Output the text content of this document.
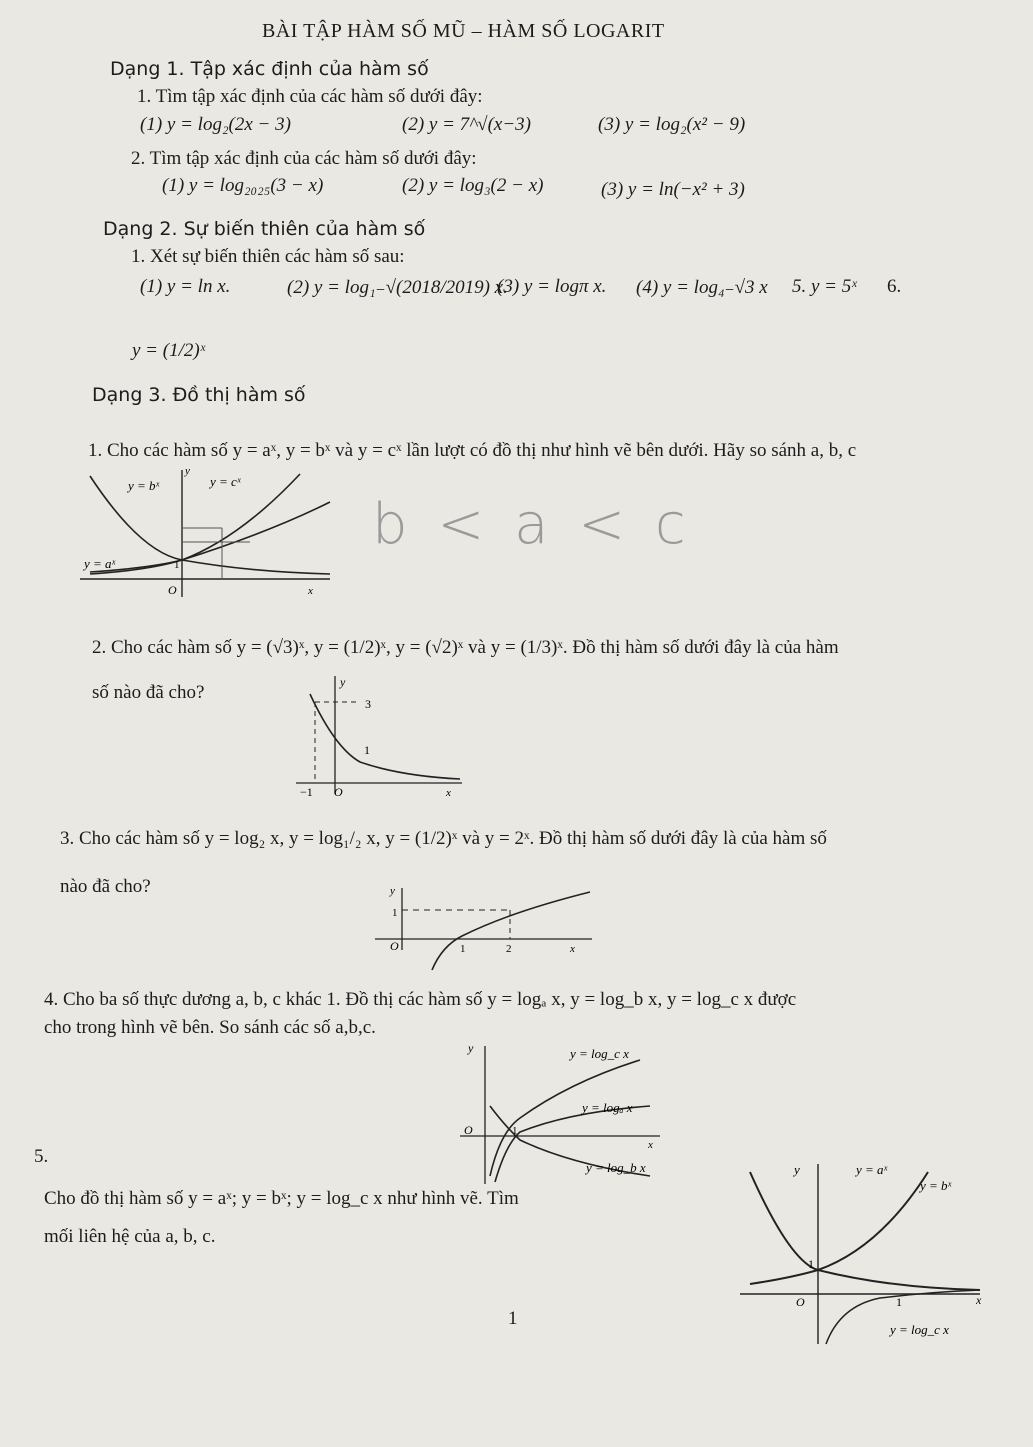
BÀI TẬP HÀM SỐ MŨ – HÀM SỐ LOGARIT
Dạng 1. Tập xác định của hàm số
1. Tìm tập xác định của các hàm số dưới đây:
(1) y = log₂(2x − 3)	(2) y = 7^√(x−3)	(3) y = log₂(x² − 9)
2. Tìm tập xác định của các hàm số dưới đây:
(1) y = log₂₀₂₅(3 − x)	(2) y = log₃(2 − x)	(3) y = ln(−x² + 3)
Dạng 2. Sự biến thiên của hàm số
1. Xét sự biến thiên các hàm số sau:
(1) y = ln x.	(2) y = log₁₋√(2018/2019) x.
(3) y = logπ x. (4) y = log₄₋√3 x 5. y = 5ˣ 6.
y = (1/2)ˣ
Dạng 3. Đồ thị hàm số
1. Cho các hàm số y = aˣ, y = bˣ và y = cˣ lần lượt có đồ thị như hình vẽ bên dưới. Hãy so sánh a, b, c
y = bˣ	y = cˣ
y = aˣ
y
1
O	x
b < a < c
2. Cho các hàm số y = (√3)ˣ, y = (1/2)ˣ, y = (√2)ˣ và y = (1/3)ˣ. Đồ thị hàm số dưới đây là của hàm
số nào đã cho?	y
3
1
−1 O	x
3. Cho các hàm số y = log₂ x, y = log₁/₂ x, y = (1/2)ˣ và y = 2ˣ. Đồ thị hàm số dưới đây là của hàm số
nào đã cho?	y
1
O	1	2	x
4. Cho ba số thực dương a, b, c khác 1. Đồ thị các hàm số y = logₐ x, y = log_b x, y = log_c x được
cho trong hình vẽ bên. So sánh các số a,b,c.
y	y = log_c x
y = logₐ x
y = log_b x
O	1
x
5.
Cho đồ thị hàm số y = aˣ; y = bˣ; y = log_c x như hình vẽ. Tìm
mối liên hệ của a, b, c.
y	y = aˣ
y = bˣ
1
O	1	x
y = log_c x
1
